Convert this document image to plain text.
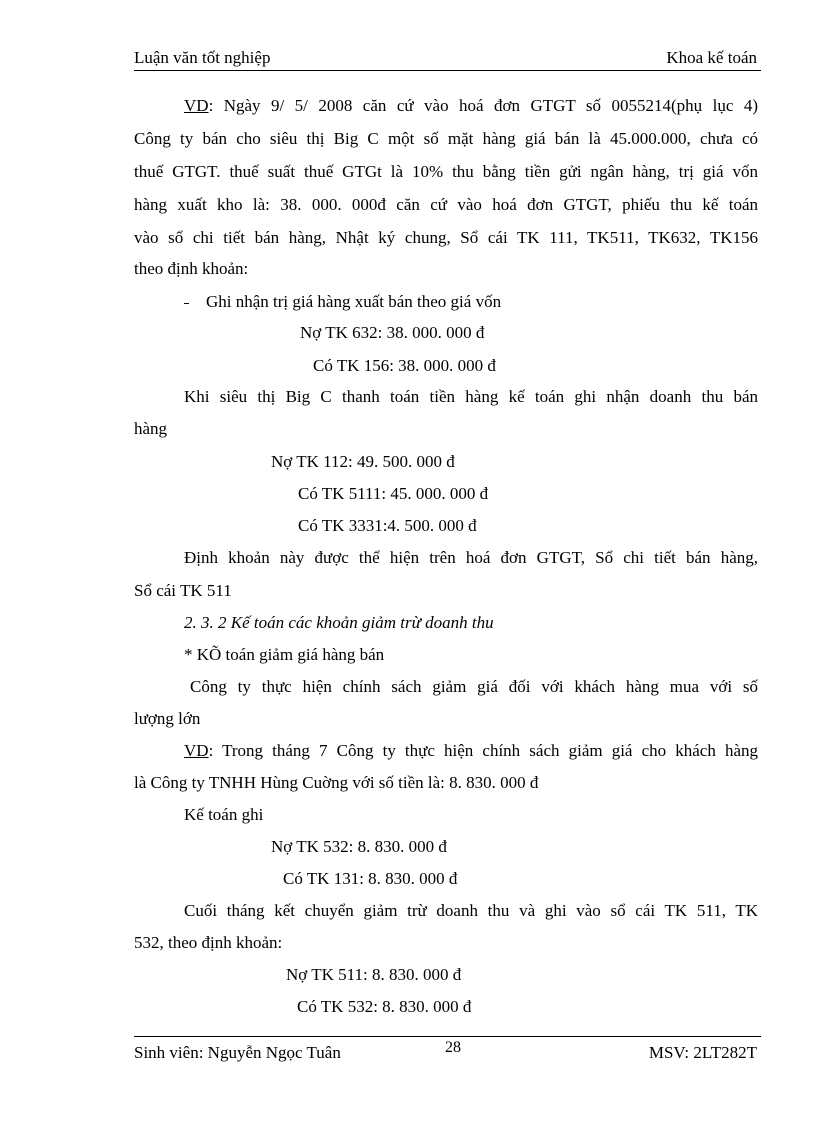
Luận văn tốt nghiệp	Khoa kế toán
VD: Ngày 9/ 5/ 2008 căn cứ vào hoá đơn GTGT số 0055214(phụ lục 4)
Công ty bán cho siêu thị Big C một số mặt hàng giá bán là 45.000.000, chưa có
thuế GTGT. thuế suất thuế GTGt là 10% thu bằng tiền gửi ngân hàng, trị giá vốn
hàng xuất kho là: 38. 000. 000đ căn cứ vào hoá đơn GTGT, phiếu thu kế toán
vào sổ chi tiết bán hàng, Nhật ký chung, Sổ cái TK 111, TK511, TK632, TK156
theo định khoản:
Ghi nhận trị giá hàng xuất bán theo giá vốn
Nợ TK 632: 38. 000. 000 đ
Có TK 156: 38. 000. 000 đ
Khi siêu thị Big C thanh toán tiền hàng kế toán ghi nhận doanh thu bán
hàng
Nợ TK 112: 49. 500. 000 đ
Có TK 5111: 45. 000. 000 đ
Có TK 3331:4. 500. 000 đ
Định khoản này được thể hiện trên hoá đơn GTGT, Sổ chi tiết bán hàng,
Sổ cái TK 511
2. 3. 2 Kế toán các khoản giảm trừ doanh thu
* KÕ toán giảm giá hàng bán
Công ty thực hiện chính sách giảm giá đối với khách hàng mua với số
lượng lớn
VD: Trong tháng 7 Công ty thực hiện chính sách giảm giá cho khách hàng
là Công ty TNHH Hùng Cuờng với số tiền là: 8. 830. 000 đ
Kế toán ghi
Nợ TK 532: 8. 830. 000 đ
Có TK 131: 8. 830. 000 đ
Cuối tháng kết chuyển giảm trừ doanh thu và ghi vào sổ cái TK 511, TK
532, theo định khoản:
Nợ TK 511: 8. 830. 000 đ
Có TK 532: 8. 830. 000 đ
Sinh viên: Nguyễn Ngọc Tuân	28	MSV: 2LT282T
